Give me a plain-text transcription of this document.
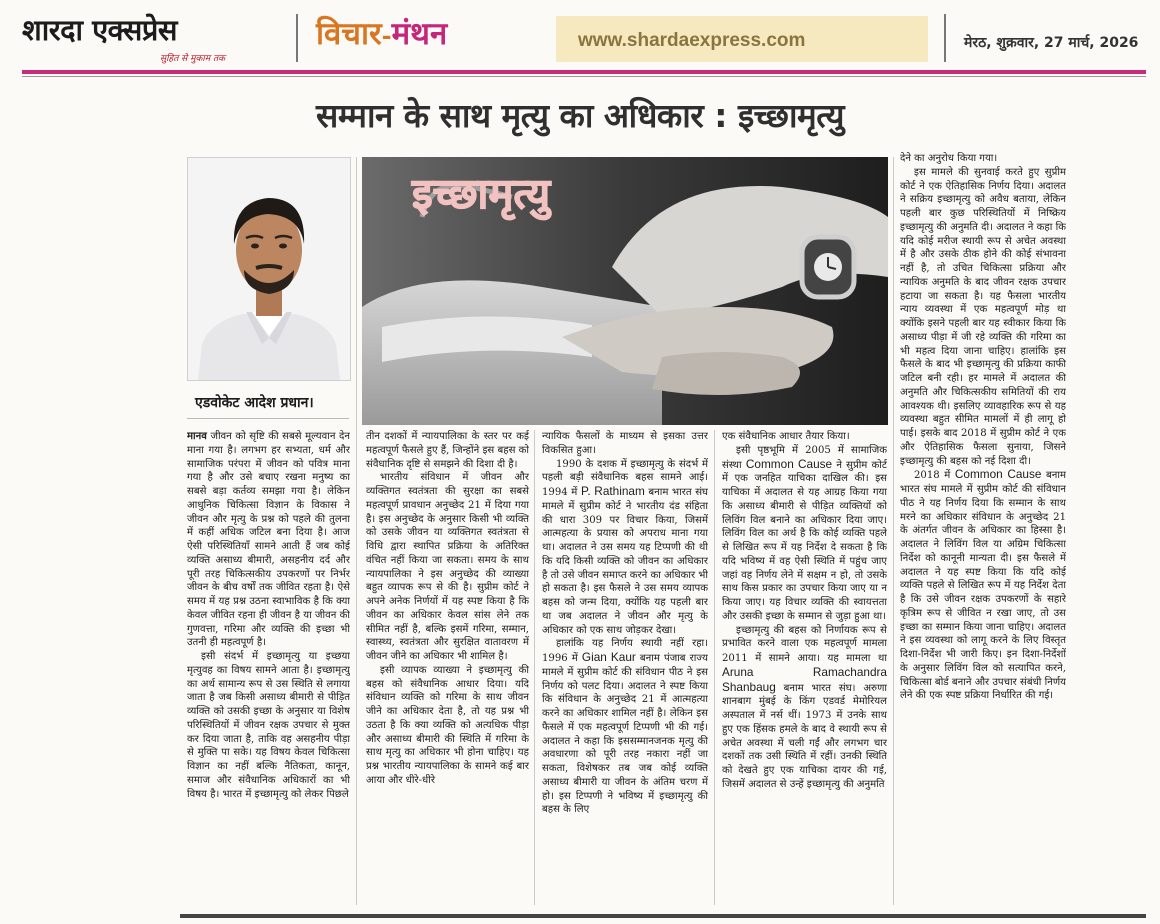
शारदा एक्सप्रेस
सुहित से मुकाम तक
विचार-मंथन	www.shardaexpress.com	मेरठ, शुक्रवार, 27 मार्च, 2026
सम्मान के साथ मृत्यु का अधिकार : इच्छामृत्यु
एडवोकेट आदेश प्रधान।
इच्छामृत्यु

मानव जीवन को सृष्टि की सबसे मूल्यवान देन माना गया है। लगभग हर सभ्यता, धर्म और सामाजिक परंपरा में जीवन को पवित्र माना गया है और उसे बचाए रखना मनुष्य का सबसे बड़ा कर्तव्य समझा गया है। लेकिन आधुनिक चिकित्सा विज्ञान के विकास ने जीवन और मृत्यु के प्रश्न को पहले की तुलना में कहीं अधिक जटिल बना दिया है। आज ऐसी परिस्थितियाँ सामने आती हैं जब कोई व्यक्ति असाध्य बीमारी, असहनीय दर्द और पूरी तरह चिकित्सकीय उपकरणों पर निर्भर जीवन के बीच वर्षों तक जीवित रहता है। ऐसे समय में यह प्रश्न उठना स्वाभाविक है कि क्या केवल जीवित रहना ही जीवन है या जीवन की गुणवत्ता, गरिमा और व्यक्ति की इच्छा भी उतनी ही महत्वपूर्ण है।

इसी संदर्भ में इच्छामृत्यु या इच्छया मृत्युवह का विषय सामने आता है। इच्छामृत्यु का अर्थ सामान्य रूप से उस स्थिति से लगाया जाता है जब किसी असाध्य बीमारी से पीड़ित व्यक्ति को उसकी इच्छा के अनुसार या विशेष परिस्थितियों में जीवन रक्षक उपचार से मुक्त कर दिया जाता है, ताकि वह असहनीय पीड़ा से मुक्ति पा सके। यह विषय केवल चिकित्सा विज्ञान का नहीं बल्कि नैतिकता, कानून, समाज और संवैधानिक अधिकारों का भी विषय है। भारत में इच्छामृत्यु को लेकर पिछले

तीन दशकों में न्यायपालिका के स्तर पर कई महत्वपूर्ण फैसले हुए हैं, जिन्होंने इस बहस को संवैधानिक दृष्टि से समझने की दिशा दी है।

भारतीय संविधान में जीवन और व्यक्तिगत स्वतंत्रता की सुरक्षा का सबसे महत्वपूर्ण प्रावधान अनुच्छेद 21 में दिया गया है। इस अनुच्छेद के अनुसार किसी भी व्यक्ति को उसके जीवन या व्यक्तिगत स्वतंत्रता से विधि द्वारा स्थापित प्रक्रिया के अतिरिक्त वंचित नहीं किया जा सकता। समय के साथ न्यायपालिका ने इस अनुच्छेद की व्याख्या बहुत व्यापक रूप से की है। सुप्रीम कोर्ट ने अपने अनेक निर्णयों में यह स्पष्ट किया है कि जीवन का अधिकार केवल सांस लेने तक सीमित नहीं है, बल्कि इसमें गरिमा, सम्मान, स्वास्थ्य, स्वतंत्रता और सुरक्षित वातावरण में जीवन जीने का अधिकार भी शामिल है।

इसी व्यापक व्याख्या ने इच्छामृत्यु की बहस को संवैधानिक आधार दिया। यदि संविधान व्यक्ति को गरिमा के साथ जीवन जीने का अधिकार देता है, तो यह प्रश्न भी उठता है कि क्या व्यक्ति को अत्यधिक पीड़ा और असाध्य बीमारी की स्थिति में गरिमा के साथ मृत्यु का अधिकार भी होना चाहिए। यह प्रश्न भारतीय न्यायपालिका के सामने कई बार आया और धीरे-धीरे

न्यायिक फैसलों के माध्यम से इसका उत्तर विकसित हुआ।

1990 के दशक में इच्छामृत्यु के संदर्भ में पहली बड़ी संवैधानिक बहस सामने आई। 1994 में P. Rathinam बनाम भारत संघ मामले में सुप्रीम कोर्ट ने भारतीय दंड संहिता की धारा 309 पर विचार किया, जिसमें आत्महत्या के प्रयास को अपराध माना गया था। अदालत ने उस समय यह टिप्पणी की थी कि यदि किसी व्यक्ति को जीवन का अधिकार है तो उसे जीवन समाप्त करने का अधिकार भी हो सकता है। इस फैसले ने उस समय व्यापक बहस को जन्म दिया, क्योंकि यह पहली बार था जब अदालत ने जीवन और मृत्यु के अधिकार को एक साथ जोड़कर देखा।

हालांकि यह निर्णय स्थायी नहीं रहा। 1996 में Gian Kaur बनाम पंजाब राज्य मामले में सुप्रीम कोर्ट की संविधान पीठ ने इस निर्णय को पलट दिया। अदालत ने स्पष्ट किया कि संविधान के अनुच्छेद 21 में आत्महत्या करने का अधिकार शामिल नहीं है। लेकिन इस फैसले में एक महत्वपूर्ण टिप्पणी भी की गई। अदालत ने कहा कि इससम्मानजनक मृत्यु की अवधारणा को पूरी तरह नकारा नहीं जा सकता, विशेषकर तब जब कोई व्यक्ति असाध्य बीमारी या जीवन के अंतिम चरण में हो। इस टिप्पणी ने भविष्य में इच्छामृत्यु की बहस के लिए

एक संवैधानिक आधार तैयार किया।

इसी पृष्ठभूमि में 2005 में सामाजिक संस्था Common Cause ने सुप्रीम कोर्ट में एक जनहित याचिका दाखिल की। इस याचिका में अदालत से यह आग्रह किया गया कि असाध्य बीमारी से पीड़ित व्यक्तियों को लिविंग विल बनाने का अधिकार दिया जाए। लिविंग विल का अर्थ है कि कोई व्यक्ति पहले से लिखित रूप में यह निर्देश दे सकता है कि यदि भविष्य में वह ऐसी स्थिति में पहुंच जाए जहां वह निर्णय लेने में सक्षम न हो, तो उसके साथ किस प्रकार का उपचार किया जाए या न किया जाए। यह विचार व्यक्ति की स्वायत्तता और उसकी इच्छा के सम्मान से जुड़ा हुआ था।

इच्छामृत्यु की बहस को निर्णायक रूप से प्रभावित करने वाला एक महत्वपूर्ण मामला 2011 में सामने आया। यह मामला था Aruna Ramachandra Shanbaug बनाम भारत संघ। अरुणा शानबाग मुंबई के किंग एडवर्ड मेमोरियल अस्पताल में नर्स थीं। 1973 में उनके साथ हुए एक हिंसक हमले के बाद वे स्थायी रूप से अचेत अवस्था में चली गईं और लगभग चार दशकों तक उसी स्थिति में रहीं। उनकी स्थिति को देखते हुए एक याचिका दायर की गई, जिसमें अदालत से उन्हें इच्छामृत्यु की अनुमति

देने का अनुरोध किया गया।

इस मामले की सुनवाई करते हुए सुप्रीम कोर्ट ने एक ऐतिहासिक निर्णय दिया। अदालत ने सक्रिय इच्छामृत्यु को अवैध बताया, लेकिन पहली बार कुछ परिस्थितियों में निष्क्रिय इच्छामृत्यु की अनुमति दी। अदालत ने कहा कि यदि कोई मरीज स्थायी रूप से अचेत अवस्था में है और उसके ठीक होने की कोई संभावना नहीं है, तो उचित चिकित्सा प्रक्रिया और न्यायिक अनुमति के बाद जीवन रक्षक उपचार हटाया जा सकता है। यह फैसला भारतीय न्याय व्यवस्था में एक महत्वपूर्ण मोड़ था क्योंकि इसने पहली बार यह स्वीकार किया कि असाध्य पीड़ा में जी रहे व्यक्ति की गरिमा का भी महत्व दिया जाना चाहिए। हालांकि इस फैसले के बाद भी इच्छामृत्यु की प्रक्रिया काफी जटिल बनी रही। हर मामले में अदालत की अनुमति और चिकित्सकीय समितियों की राय आवश्यक थी। इसलिए व्यावहारिक रूप से यह व्यवस्था बहुत सीमित मामलों में ही लागू हो पाई। इसके बाद 2018 में सुप्रीम कोर्ट ने एक और ऐतिहासिक फैसला सुनाया, जिसने इच्छामृत्यु की बहस को नई दिशा दी।

2018 में Common Cause बनाम भारत संघ मामले में सुप्रीम कोर्ट की संविधान पीठ ने यह निर्णय दिया कि सम्मान के साथ मरने का अधिकार संविधान के अनुच्छेद 21 के अंतर्गत जीवन के अधिकार का हिस्सा है। अदालत ने लिविंग विल या अग्रिम चिकित्सा निर्देश को कानूनी मान्यता दी। इस फैसले में अदालत ने यह स्पष्ट किया कि यदि कोई व्यक्ति पहले से लिखित रूप में यह निर्देश देता है कि उसे जीवन रक्षक उपकरणों के सहारे कृत्रिम रूप से जीवित न रखा जाए, तो उस इच्छा का सम्मान किया जाना चाहिए। अदालत ने इस व्यवस्था को लागू करने के लिए विस्तृत दिशा-निर्देश भी जारी किए। इन दिशा-निर्देशों के अनुसार लिविंग विल को सत्यापित करने, चिकित्सा बोर्ड बनाने और उपचार संबंधी निर्णय लेने की एक स्पष्ट प्रक्रिया निर्धारित की गई।
